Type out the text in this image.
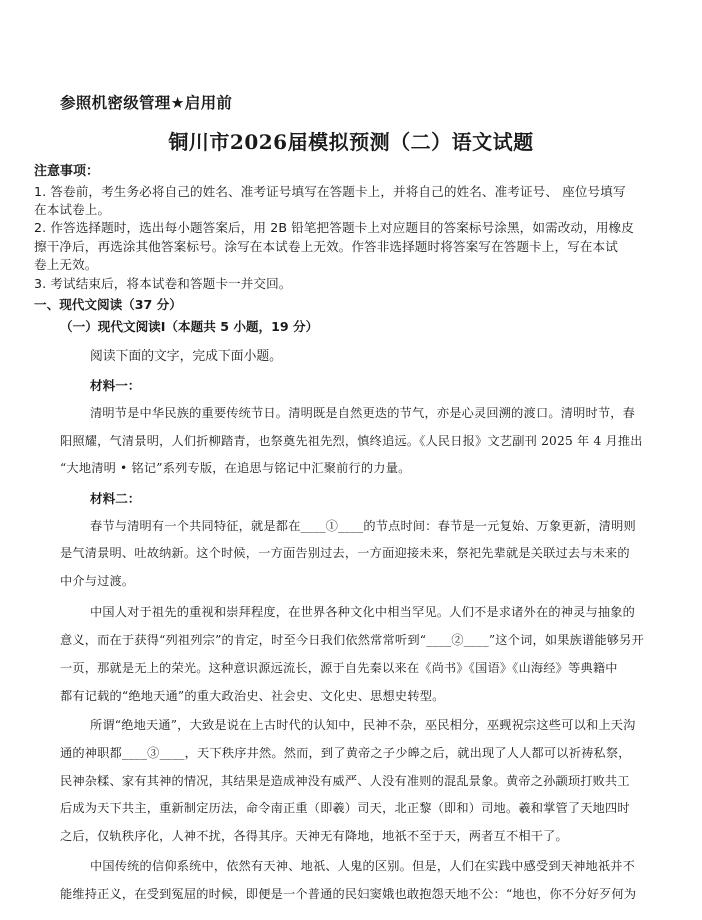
参照机密级管理★启用前
铜川市2026届模拟预测（二）语文试题
注意事项：
1. 答卷前，考生务必将自己的姓名、准考证号填写在答题卡上，并将自己的姓名、准考证号、 座位号填写
在本试卷上。
2. 作答选择题时，选出每小题答案后，用 2B 铅笔把答题卡上对应题目的答案标号涂黑，如需改动，用橡皮
擦干净后，再选涂其他答案标号。涂写在本试卷上无效。作答非选择题时将答案写在答题卡上，写在本试
卷上无效。
3. 考试结束后，将本试卷和答题卡一并交回。
一、现代文阅读（37 分）
（一）现代文阅读Ⅰ（本题共 5 小题，19 分）
阅读下面的文字，完成下面小题。
材料一：
清明节是中华民族的重要传统节日。清明既是自然更迭的节气，亦是心灵回溯的渡口。清明时节，春
阳照耀，气清景明，人们折柳踏青，也祭奠先祖先烈，慎终追远。《人民日报》文艺副刊 2025 年 4 月推出
“大地清明 • 铭记”系列专版，在追思与铭记中汇聚前行的力量。
材料二：
春节与清明有一个共同特征，就是都在____①____的节点时间：春节是一元复始、万象更新，清明则
是气清景明、吐故纳新。这个时候，一方面告别过去，一方面迎接未来，祭祀先辈就是关联过去与未来的
中介与过渡。
中国人对于祖先的重视和崇拜程度，在世界各种文化中相当罕见。人们不是求诸外在的神灵与抽象的
意义，而在于获得“列祖列宗”的肯定，时至今日我们依然常常听到“____②____”这个词，如果族谱能够另开
一页，那就是无上的荣光。这种意识源远流长，源于自先秦以来在《尚书》《国语》《山海经》等典籍中
都有记载的“绝地天通”的重大政治史、社会史、文化史、思想史转型。
所谓“绝地天通”，大致是说在上古时代的认知中，民神不杂，巫民相分，巫觋祝宗这些可以和上天沟
通的神职都____③____，天下秩序井然。然而，到了黄帝之子少皞之后，就出现了人人都可以祈祷私祭，
民神杂糅、家有其神的情况，其结果是造成神没有威严、人没有准则的混乱景象。黄帝之孙颛顼打败共工
后成为天下共主，重新制定历法，命令南正重（即羲）司天，北正黎（即和）司地。羲和掌管了天地四时
之后，仅轨秩序化，人神不扰，各得其序。天神无有降地，地祇不至于天，两者互不相干了。
中国传统的信仰系统中，依然有天神、地祇、人鬼的区别。但是，人们在实践中感受到天神地祇并不
能维持正义，在受到冤屈的时候，即便是一个普通的民妇窦娥也敢抱怨天地不公：“地也，你不分好歹何为
